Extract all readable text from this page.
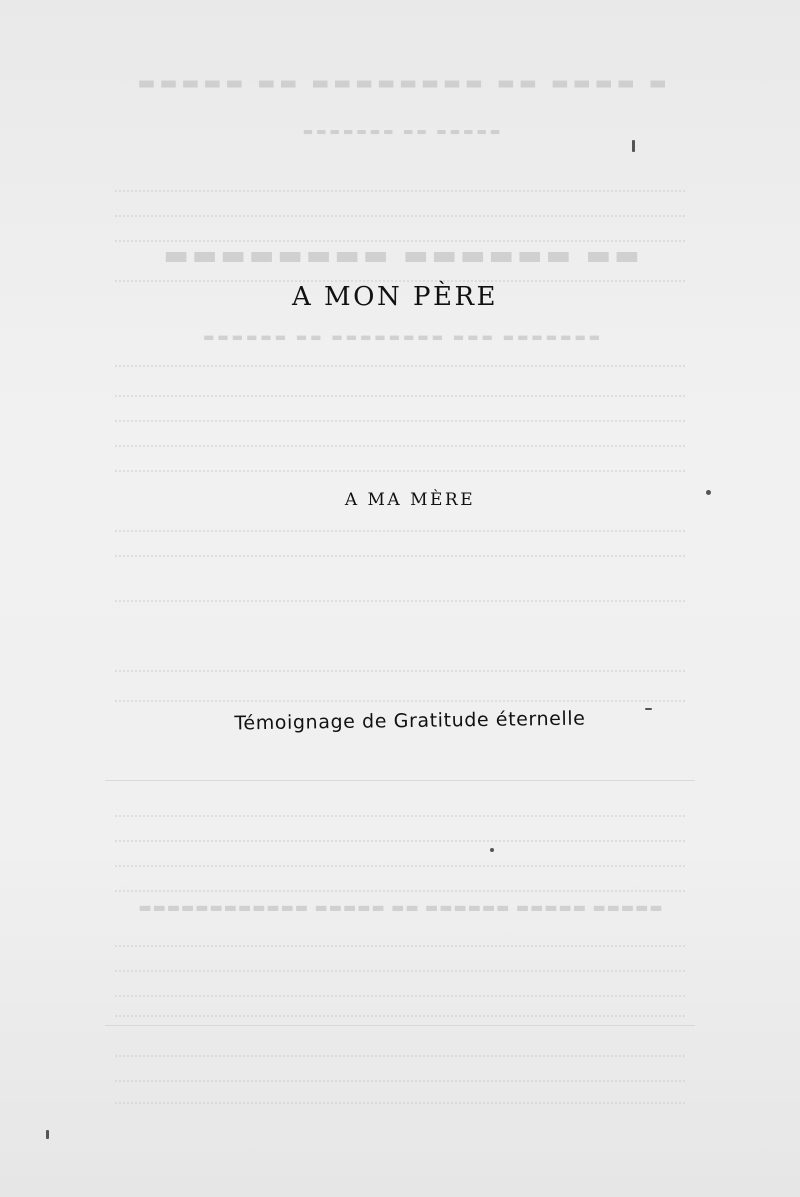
▬ ▬▬▬▬ ▬▬ ▬▬▬▬▬▬▬▬ ▬▬ ▬▬▬▬▬
▬▬▬▬▬ ▬▬ ▬▬▬▬▬▬▬
▬▬ ▬▬▬▬▬▬ ▬▬▬▬▬▬▬▬
▬▬▬▬▬▬▬ ▬▬▬ ▬▬▬▬▬▬▬▬ ▬▬ ▬▬▬▬▬▬
▬▬▬▬▬ ▬▬▬▬▬ ▬▬▬▬▬▬ ▬▬ ▬▬▬▬▬ ▬▬▬▬▬▬▬▬▬▬▬▬
A MON PÈRE
A MA MÈRE
Témoignage de Gratitude éternelle
